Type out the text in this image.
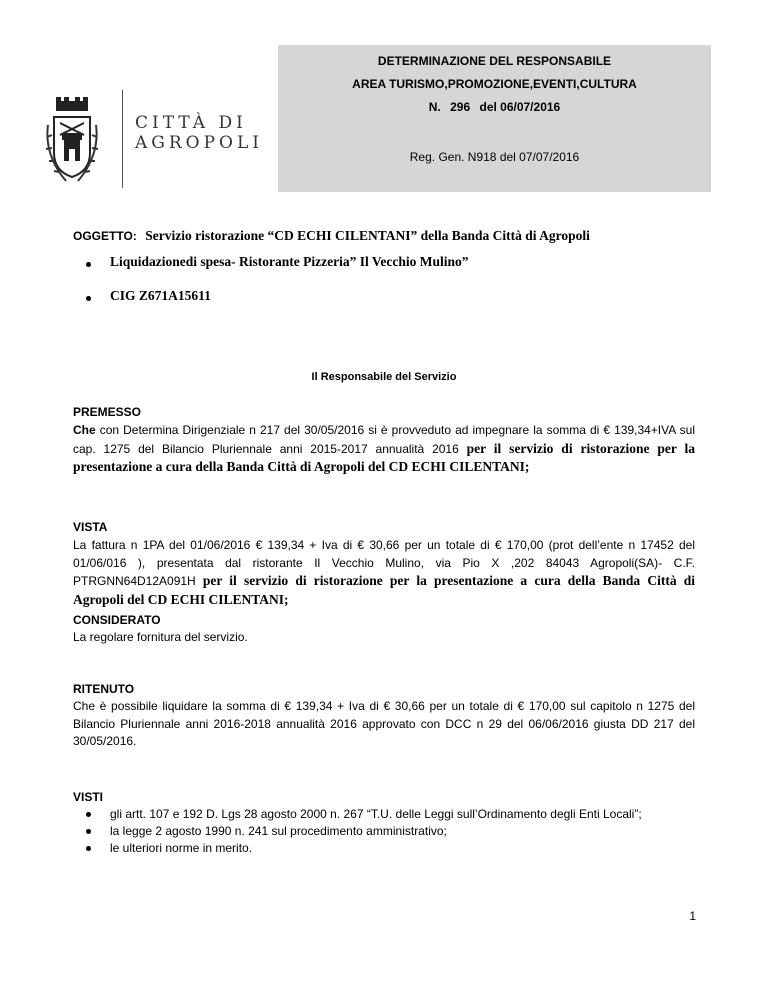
CITTÀ DI
AGROPOLI
DETERMINAZIONE DEL RESPONSABILE
AREA TURISMO,PROMOZIONE,EVENTI,CULTURA
N. 296 del 06/07/2016
Reg. Gen. N918 del 07/07/2016
OGGETTO: Servizio ristorazione “CD ECHI CILENTANI” della Banda Città di Agropoli
Liquidazionedi spesa- Ristorante Pizzeria” Il Vecchio Mulino”
CIG Z671A15611
Il Responsabile del Servizio
PREMESSO
Che con Determina Dirigenziale n 217 del 30/05/2016 si è provveduto ad impegnare la somma di € 139,34+IVA sul cap. 1275 del Bilancio Pluriennale anni 2015-2017 annualità 2016 per il servizio di ristorazione per la presentazione a cura della Banda Città di Agropoli del CD ECHI CILENTANI;
VISTA
La fattura n 1PA del 01/06/2016 € 139,34 + Iva di € 30,66 per un totale di € 170,00 (prot dell’ente n 17452 del 01/06/016 ), presentata dal ristorante Il Vecchio Mulino, via Pio X ,202 84043 Agropoli(SA)- C.F. PTRGNN64D12A091H per il servizio di ristorazione per la presentazione a cura della Banda Città di Agropoli del CD ECHI CILENTANI;
CONSIDERATO
La regolare fornitura del servizio.
RITENUTO
Che è possibile liquidare la somma di € 139,34 + Iva di € 30,66 per un totale di € 170,00 sul capitolo n 1275 del Bilancio Pluriennale anni 2016-2018 annualità 2016 approvato con DCC n 29 del 06/06/2016 giusta DD 217 del 30/05/2016.
VISTI
gli artt. 107 e 192 D. Lgs 28 agosto 2000 n. 267 “T.U. delle Leggi sull’Ordinamento degli Enti Locali”;
la legge 2 agosto 1990 n. 241 sul procedimento amministrativo;
le ulteriori norme in merito.
1
